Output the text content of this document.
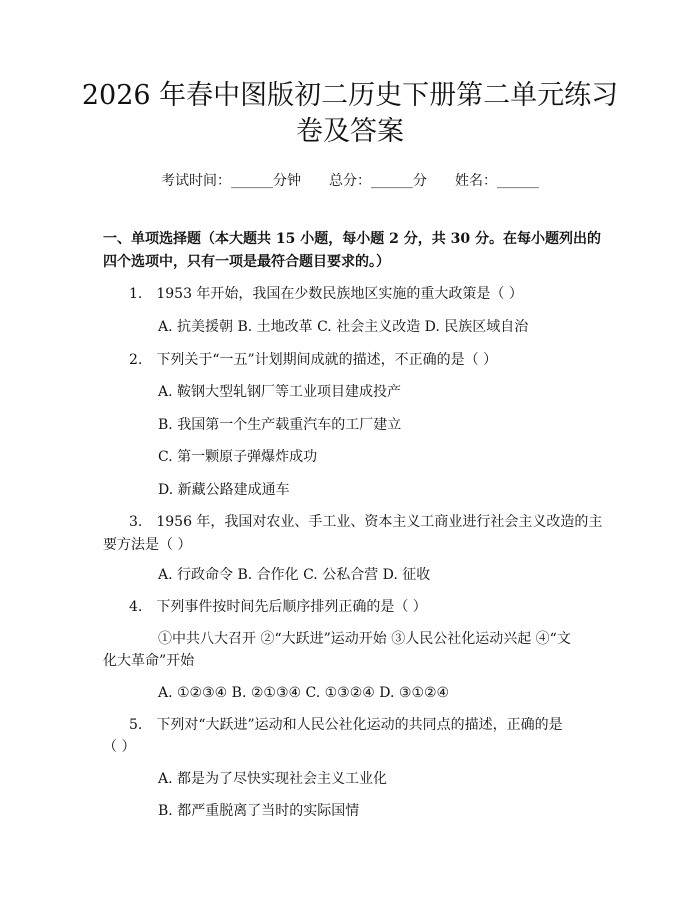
2026 年春中图版初二历史下册第二单元练习
卷及答案
考试时间：______分钟　　总分：______分　　姓名：______

一、单项选择题（本大题共 15 小题，每小题 2 分，共 30 分。在每小题列出的四个选项中，只有一项是最符合题目要求的。）

1.　1953 年开始，我国在少数民族地区实施的重大政策是（ ）
A. 抗美援朝 B. 土地改革 C. 社会主义改造 D. 民族区域自治
2.　下列关于“一五”计划期间成就的描述，不正确的是（ ）
A. 鞍钢大型轧钢厂等工业项目建成投产
B. 我国第一个生产载重汽车的工厂建立
C. 第一颗原子弹爆炸成功
D. 新藏公路建成通车
3.　1956 年，我国对农业、手工业、资本主义工商业进行社会主义改造的主
要方法是（ ）
A. 行政命令 B. 合作化 C. 公私合营 D. 征收
4.　下列事件按时间先后顺序排列正确的是（ ）
①中共八大召开 ②“大跃进”运动开始 ③人民公社化运动兴起 ④“文
化大革命”开始
A. ①②③④ B. ②①③④ C. ①③②④ D. ③①②④
5.　下列对“大跃进”运动和人民公社化运动的共同点的描述，正确的是
（ ）
A. 都是为了尽快实现社会主义工业化
B. 都严重脱离了当时的实际国情
